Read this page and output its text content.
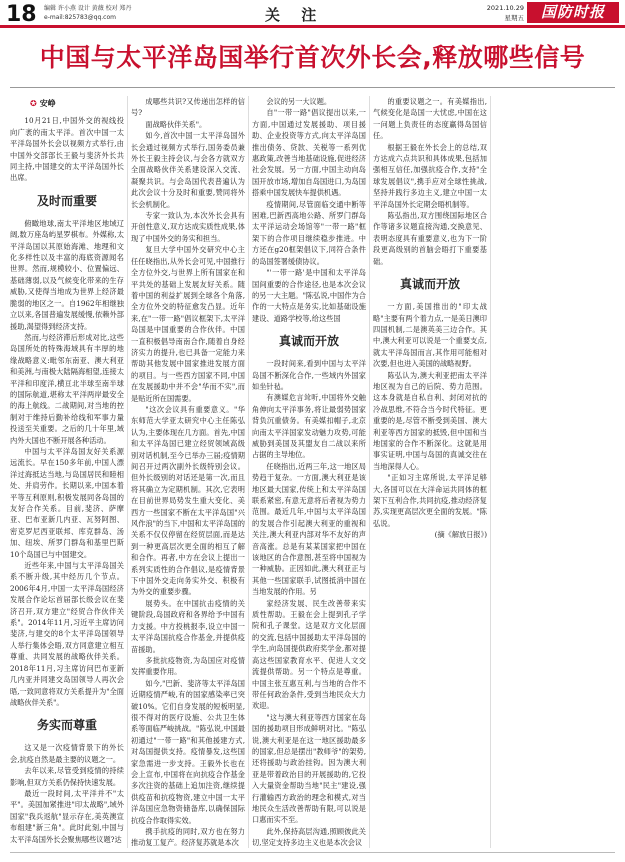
18 编辑 许小燕 设计 黄薇 校对 郑丹
e-mail:825783@qq.com	关 注	2021.10.29
星期五	国防时报
中国与太平洋岛国举行首次外长会,释放哪些信号
✪ 安峥

10月21日,中国外交的视线投向广袤的南太平洋。首次中国一太平洋岛国外长会以视频方式举行,由中国外交部部长王毅与斐济外长共同主持,中国建交的太平洋岛国外长出席。

及时而重要

俯瞰地球,南太平洋地区地域辽阔,数万座岛屿星罗棋布。外媒称,太平洋岛国以其原始海滩、地理和文化多样性以及丰富的海底资源闻名世界。然而,规模较小、位置偏远、基础薄弱,以及气候变化带来的生存威胁,又使得当地成为世界上经济最脆弱的地区之一。自1962年相继独立以来,各国普遍发展缓慢,依赖外部援助,渴望得到经济支持。

然而,与经济滞后形成对比,这些岛国所处的特殊海域具有丰厚的地缘战略意义:毗邻东南亚、澳大利亚和美洲,与南极大陆隔海相望,连接太平洋和印度洋,横亘北半球至南半球的国际航道,堪称太平洋两岸最安全的海上航线。二战期间,对当地的控制对于维持后勤补给线和军事力量投送至关重要。之后的几十年里,域内外大国也不断开展各种活动。

中国与太平洋岛国友好关系源远流长。早在150多年前,中国人漂洋过海抵达当地,与岛国居民和睦相处、并肩劳作。长期以来,中国本着平等互利原则,积极发展同各岛国的友好合作关系。目前,斐济、萨摩亚、巴布亚新几内亚、瓦努阿图、密克罗尼西亚联邦、库克群岛、汤加、纽埃、所罗门群岛和基里巴斯10个岛国已与中国建交。

近些年来,中国与太平洋岛国关系不断升级,其中经历几个节点。2006年4月,中国一太平洋岛国经济发展合作论坛首届部长级会议在斐济召开,双方建立"经贸合作伙伴关系"。2014年11月,习近平主席访问斐济,与建交的8个太平洋岛国领导人举行集体会晤,双方同意建立相互尊重、共同发展的战略伙伴关系。2018年11月,习主席访问巴布亚新几内亚并同建交岛国领导人再次会晤,一致同意将双方关系提升为"全面战略伙伴关系"。

务实而尊重

这又是一次疫情背景下的外长会,抗疫自然是最主要的议题之一。

去年以来,尽管受到疫情的持续影响,但双方关系仍保持快速发展。

最近一段时间,太平洋并不"太平"。美国加紧推进"印太战略",域外国家"我兵返航"显示存在,美英澳宣布组建"新三角"。此时此刻,中国与太平洋岛国外长会聚焦哪些议题?达

成哪些共识?又传递出怎样的信号?

面战略伙伴关系"。

如今,首次中国一太平洋岛国外长会通过视频方式举行,国务委员兼外长王毅主持会议,与会各方就双方全面战略伙伴关系建设深入交流、凝聚共识。与会岛国代表普遍认为此次会议十分及时和重要,赞同将外长会机制化。

专家一致认为,本次外长会具有开创性意义,双方达成实质性成果,体现了中国外交的务实和担当。

复旦大学中国外交研究中心主任任晓指出,从外长会可见,中国推行全方位外交,与世界上所有国家在和平共处的基础上发展友好关系。随着中国的利益扩展到全球各个角落,全方位外交的特征愈发凸显。近年来,在"一带一路"倡议框架下,太平洋岛国是中国重要的合作伙伴。中国一直积极倡导南南合作,随着自身经济实力的提升,也已具备一定能力来帮助其他发展中国家推进发展方面的项目。与一些西方国家不同,中国在发展援助中并不会"华而不实",而是贴近所在国需要。

"这次会议具有重要意义。"华东师范大学亚太研究中心主任陈弘认为,主要体现在几方面。首先,中国和太平洋岛国已建立经贸领域高级别对话机制,至今已举办三届;疫情期间召开过两次副外长级特别会议。但外长级别的对话还是第一次,而且将其确立为定期机制。其次,它表明在目前世界局势发生重大变化、美西方一些国家不断在太平洋岛国"兴风作浪"的当下,中国和太平洋岛国的关系不仅仅停留在经贸层面,而是达到一种更高层次更全面的相互了解和合作。再者,中方在会议上提出一系列实质性的合作倡议,是疫情背景下中国外交走向务实外交、积极有为外交的重要步骤。

展势头。在中国抗击疫情的关键阶段,岛国政府和各界给予中国有力支援。中方投桃报李,设立中国一太平洋岛国抗疫合作基金,并提供疫苗援助。

多批抗疫物资,为岛国应对疫情发挥重要作用。

如今,"巴新、斐济等太平洋岛国近期疫情严峻,有的国家感染率已突破10%。它们自身发展的短板明显,很不得对的医疗设施、公共卫生体系等面临严峻挑战。"陈弘说,中国最初通过"一带一路"和其他援建方式,对岛国提供支持。疫情暴发,这些国家急需进一步支持。王毅外长也在会上宣布,中国将在向抗疫合作基金多次注资的基础上追加注资,继续提供疫苗和抗疫物资,建立中国一太平洋岛国应急物资储备库,以确保国际抗疫合作取得实效。

携手抗疫的同时,双方也在努力推动复工复产。经济复苏就是本次

会议的另一大议题。

自"一带一路"倡议提出以来,一方面,中国通过发展援助、项目援助、企业投资等方式,向太平洋岛国推出债务、贷款、关税等一系列优惠政策,改善当地基础设施,促进经济社会发展。另一方面,中国主动向岛国开放市场,增加自岛国进口,为岛国搭乘中国发展快车提供机遇。

疫情期间,尽管面临交通中断等困难,巴新西高地公路、所罗门群岛太平洋运动会场馆等"一带一路"框架下的合作项目继续稳步推进。中方还在g20框架倡议下,同符合条件的岛国签署缓债协议。

"'一带一路'是中国和太平洋岛国间重要的合作途径,也是本次会议的另一大主题。"陈弘说,中国作为合作的一大特点是务实,比如基础设施建设、道路学校等,给这些国

真诚而开放

一段时间来,看到中国与太平洋岛国不断深化合作,一些域内外国家如坐针毡。

有澳媒危言耸听,中国将外交触角伸向太平洋事务,将让最弱势国家背负沉重债务。有美媒扣帽子,北京向南太平洋国家发动魅力攻势,可能威胁到美国及其盟友自二战以来所占据的主导地位。

任晓指出,近两三年,这一地区局势趋于复杂。一方面,澳大利亚是该地区最大国家,传统上和太平洋岛国联系紧密,有意无意将后者视为势力范围。最近几年,中国与太平洋岛国的发展合作引起澳大利亚的重视和关注,澳大利亚内部对华不友好的声音高涨。总是有某某国家把中国在该地区的合作意图,甚至将中国视为一种威胁。正因如此,澳大利亚正与其他一些国家联手,试图抵消中国在当地发展的作用。另

家经济发展、民生改善带来实质性帮助。王毅在会上提到孔子学院和孔子课堂。这是双方文化层面的交流,包括中国援助太平洋岛国的学生,向岛国提供政府奖学金,都对提高这些国家教育水平、促进人文交流提供帮助。另一个特点是尊重。中国主张互惠互利,与当地的合作不带任何政治条件,受到当地民众大力欢迎。

"这与澳大利亚等西方国家在岛国的援助项目形成鲜明对比。"陈弘说,澳大利亚是在这一地区援助最多的国家,但总是摆出"教师爷"的架势,还将援助与政治挂钩。因为澳大利亚是带着政治目的开展援助的,它投入大量资金帮助当地"民主"建设,强行灌输西方政治的理念和模式,对当地民众生活改善帮助有限,可以说是口惠而实不至。

此外,保持高层沟通,照顾彼此关切,坚定支持多边主义也是本次会议

的重要议题之一。有美媒指出,气候变化是岛国一大忧虑,中国在这一问题上负责任的态度赢得岛国信任。

根据王毅在外长会上的总结,双方达成六点共识和具体成果,包括加强相互信任,加强抗疫合作,支持"全球发展倡议",携手应对全球性挑战,坚持并践行多边主义,建立中国一太平洋岛国外长定期会晤机制等。

陈弘指出,双方围绕国际地区合作等诸多议题直接沟通,交换意见、表明态度具有重要意义,也为下一阶段更高级别的首脑会晤打下重要基础。

真诚而开放

一方面,美国推出的"印太战略"主要有两个着力点,一是美日澳印四国机制,二是澳英美三边合作。其中,澳大利亚可以说是一个重要支点,就太平洋岛国而言,其作用可能相对次要,但也进入美国的战略视野。

陈弘认为,澳大利亚把南太平洋地区视为自己的后院、势力范围。这本身就是自私自利、封闭对抗的冷战思维,不符合当今时代特征。更重要的是,尽管不断受到美国、澳大利亚等西方国家的抵毁,但中国和当地国家的合作不断深化。这就是用事实证明,中国与岛国的真诚交往在当地深得人心。

"正如习主席所说,太平洋足够大,各国可以在大洋命运共同体的框架下互利合作,共同抗疫,推动经济复苏,实现更高层次更全面的发展。"陈弘说。

(摘《解放日报》)
